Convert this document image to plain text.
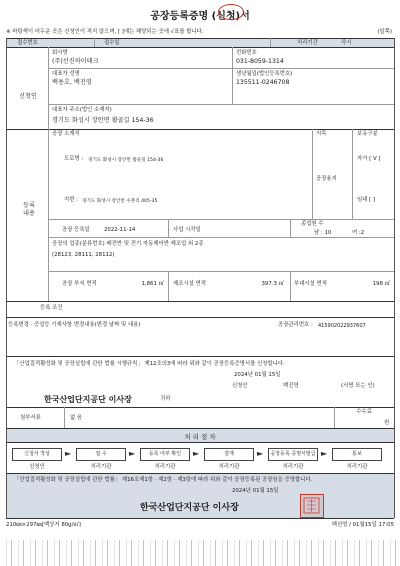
공장등록증명 (신청)서
※ 바탕색이 어두운 곳은 신청인이 적지 않으며, [ ]에는 해당되는 곳에 √표를 합니다.	(앞쪽)
접수번호	접수일	처리기간	즉시
신청인
회사명
(주)선진하이테크
전화번호
031-8059-1314
대표자 성명
백용호, 백진영
생년월일(법인등록번호)
135511-0246708
대표자 주소(법인 소재지)
경기도 화성시 장안면 활골길 154-36
등록
내용
공장 소재지
도로명 : 경기도 화성시 장안면 활골길 154-36
지번 : 경기도 화성시 장안면 수촌리 405-35
지목
공장용지
보유구분
자가 [ V ]
임대 [ ]
공장 등록일	2022-11-14	사업 시작일
종업원 수
남 : 10	여 :2
공장의 업종(분류번호) 배전반 및 전기 자동제어반 제조업 외 2종
(28123, 28111, 28112)
공장 부지 면적	1,861 ㎡ 제조시설 면적	397.3 ㎡ 부대시설 면적	198 ㎡
등록 조건
등록변경 · 증설등 기재사항 변경내용(변경 날짜 및 내용)	공장관리번호 : 415902022937607
「산업집적활성화 및 공장설립에 관한 법률 시행규칙」 제12조의3에 따라 위와 같이 공장등록증명서를 신청합니다.
2024년 01월 15일
신청인	백진영	(서명 또는 인)
한국산업단지공단 이사장	귀하
첨부서류	없 음
수수료
원
처 리 절 차
신청서 작성	►	접 수	►	등록 여부 확인	►	결재	►	공장등록 증명서발급 ►	통보
신청인	처리기관	처리기관	처리기관	처리기관	처리기관
「산업집적활성화 및 공장설립에 관한 법률」 제16조제1항 · 제2항 · 제3항에 따라 위와 같이 공장등록된 공장임을 증명합니다.
2024년 01월 15일
한국산업단지공단 이사장
210㎜×297㎜[백상지 80g/㎡]	백선영 / 01월15일 17:05
